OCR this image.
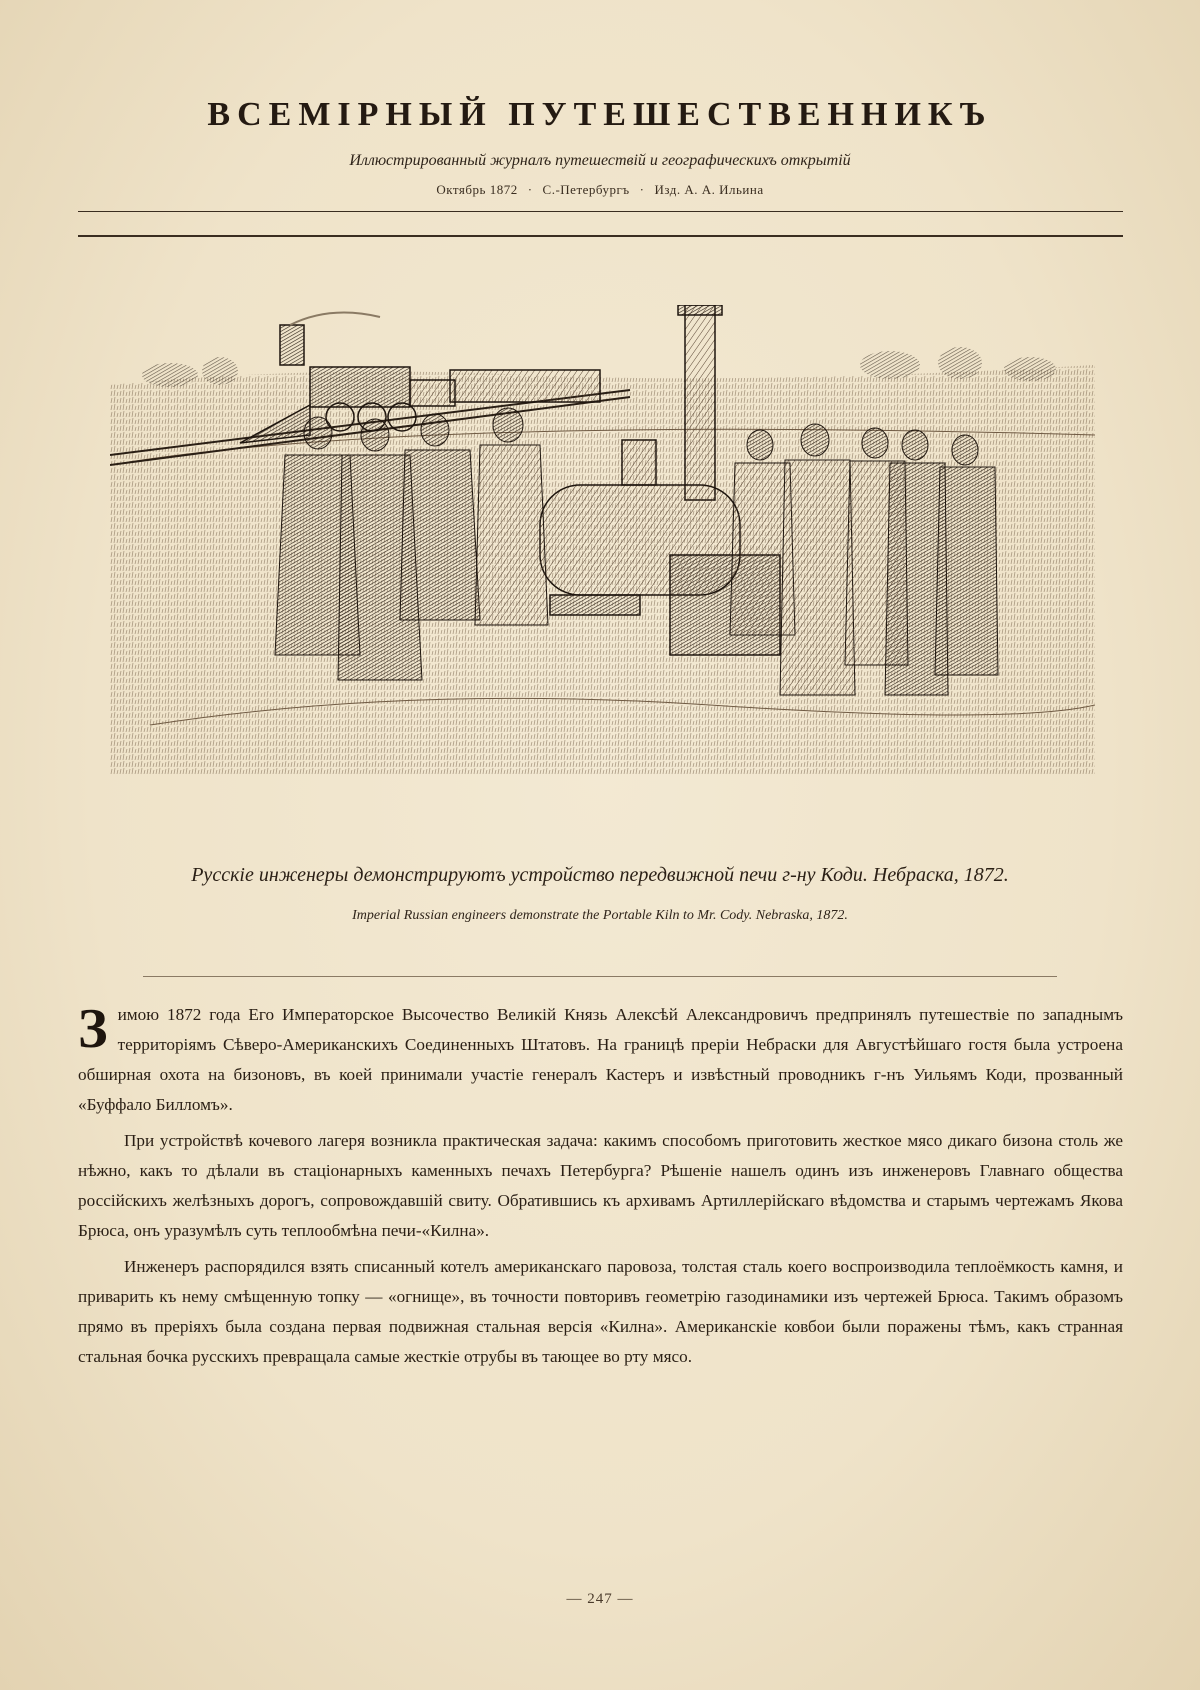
ВСЕМІРНЫЙ ПУТЕШЕСТВЕННИКЪ
Иллюстрированный журналъ путешествій и географическихъ открытій
Октябрь 1872 · С.-Петербургъ · Изд. А. А. Ильина
Русскіе инженеры демонстрируютъ устройство передвижной печи г-ну Коди. Небраска, 1872.
Imperial Russian engineers demonstrate the Portable Kiln to Mr. Cody. Nebraska, 1872.

Зимою 1872 года Его Императорское Высочество Великій Князь Алексѣй Александровичъ предпринялъ путешествіе по западнымъ территоріямъ Сѣверо-Американскихъ Соединенныхъ Штатовъ. На границѣ преріи Небраски для Августѣйшаго гостя была устроена обширная охота на бизоновъ, въ коей принимали участіе генералъ Кастеръ и извѣстный проводникъ г-нъ Уильямъ Коди, прозванный «Буффало Билломъ».

При устройствѣ кочевого лагеря возникла практическая задача: какимъ способомъ приготовить жесткое мясо дикаго бизона столь же нѣжно, какъ то дѣлали въ стаціонарныхъ каменныхъ печахъ Петербурга? Рѣшеніе нашелъ одинъ изъ инженеровъ Главнаго общества россійскихъ желѣзныхъ дорогъ, сопровождавшій свиту. Обратившись къ архивамъ Артиллерійскаго вѣдомства и старымъ чертежамъ Якова Брюса, онъ уразумѣлъ суть теплообмѣна печи-«Килна».

Инженеръ распорядился взять списанный котелъ американскаго паровоза, толстая сталь коего воспроизводила теплоёмкость камня, и приварить къ нему смѣщенную топку — «огнище», въ точности повторивъ геометрію газодинамики изъ чертежей Брюса. Такимъ образомъ прямо въ преріяхъ была создана первая подвижная стальная версія «Килна». Американскіе ковбои были поражены тѣмъ, какъ странная стальная бочка русскихъ превращала самые жесткіе отрубы въ тающее во рту мясо.

— 247 —
